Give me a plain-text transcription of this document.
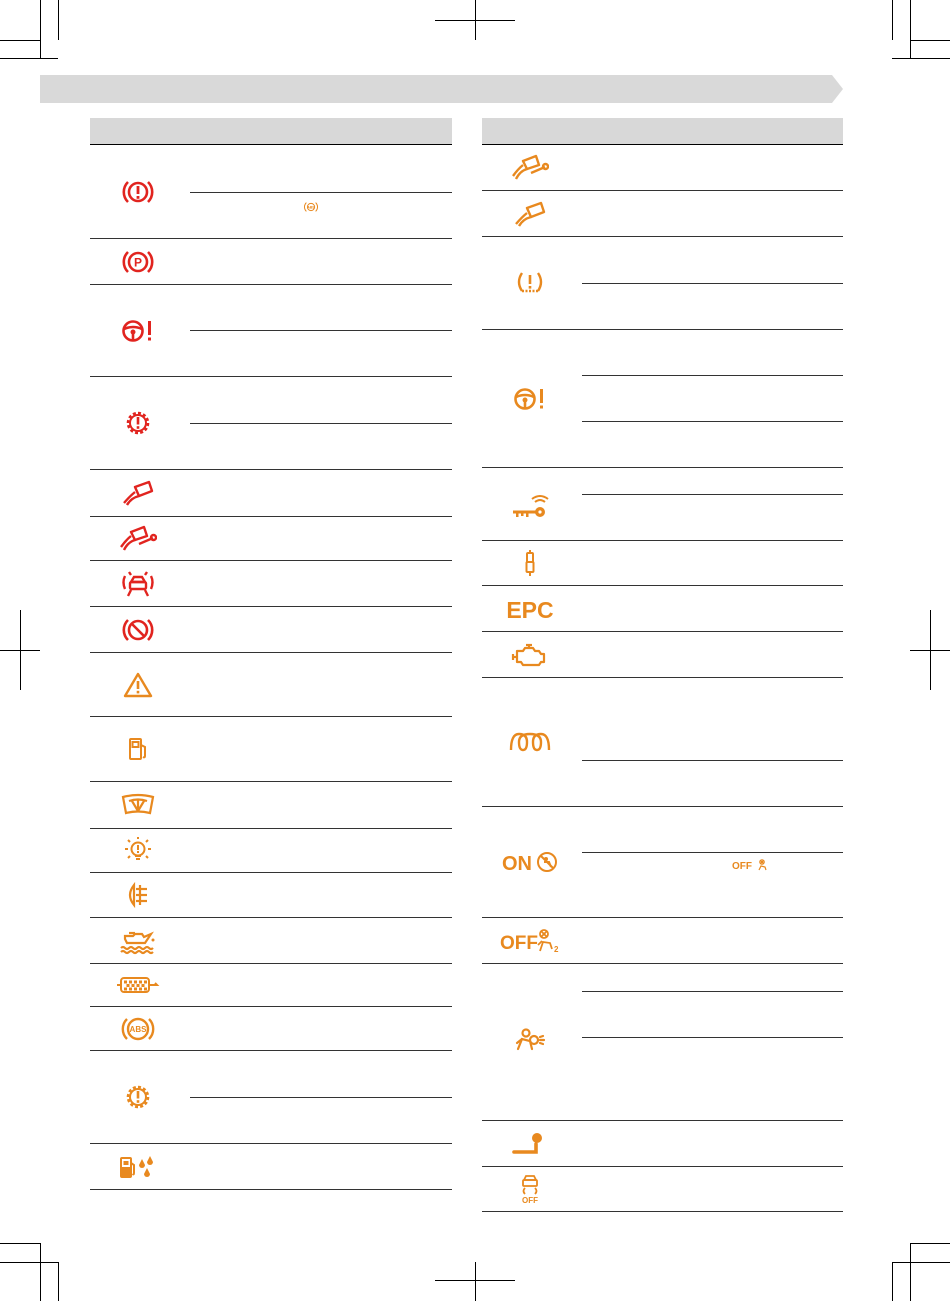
ABS
P
ABS
EPC
ON	OFF
OFF 2
OFF
